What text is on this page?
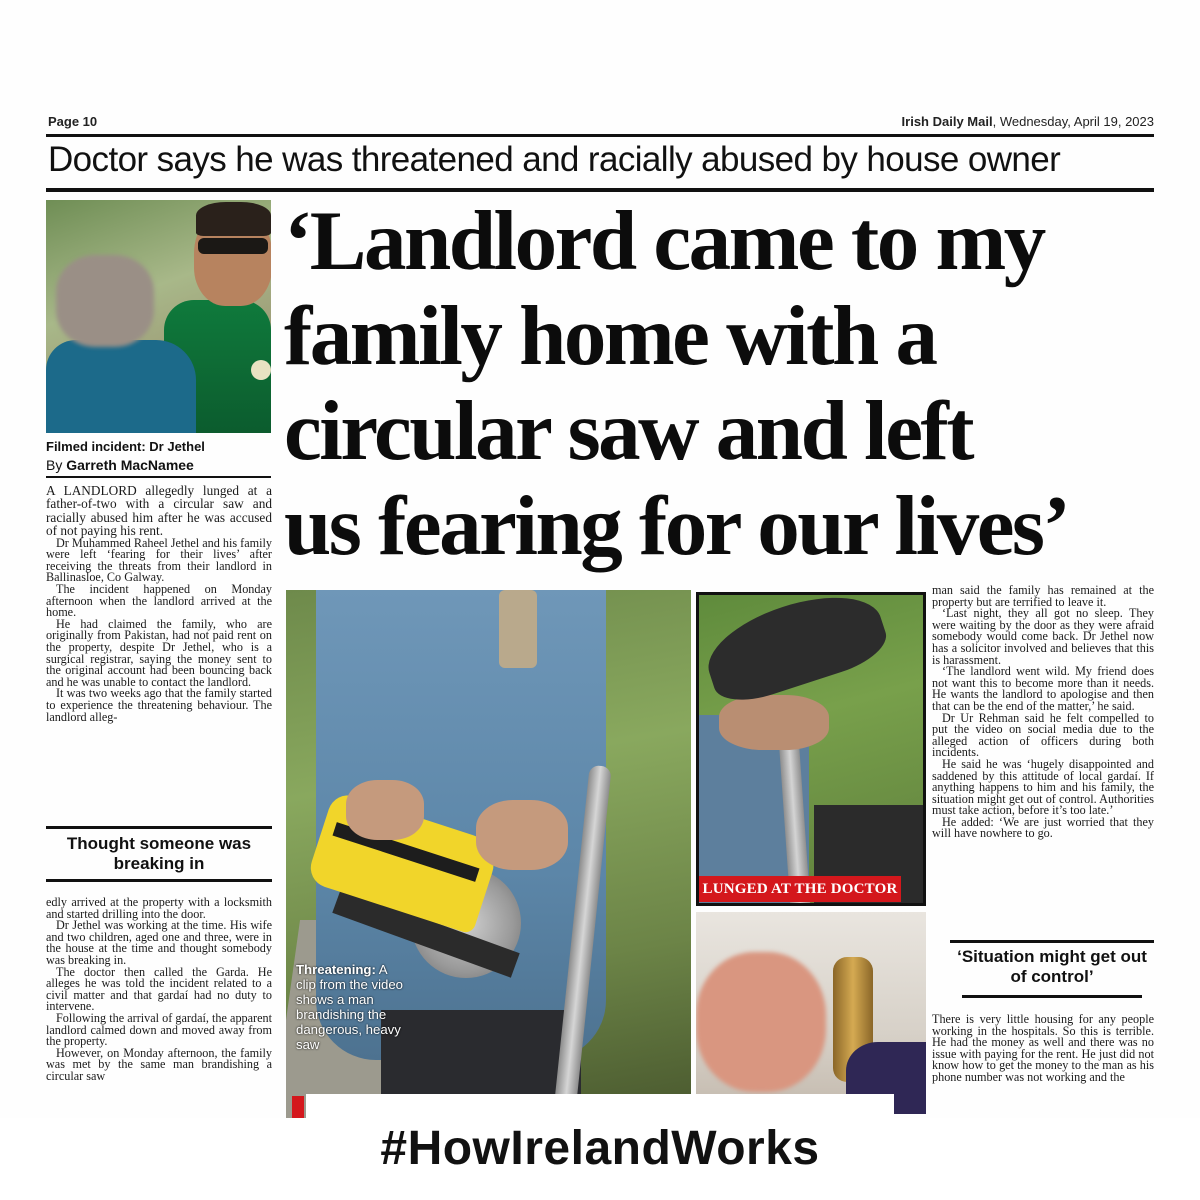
Page 10	Irish Daily Mail, Wednesday, April 19, 2023
Doctor says he was threatened and racially abused by house owner
Filmed incident: Dr Jethel
By Garreth MacNamee

A LANDLORD allegedly lunged at a father-of-two with a circular saw and racially abused him after he was accused of not paying his rent.

Dr Muhammed Raheel Jethel and his family were left ‘fearing for their lives’ after receiving the threats from their landlord in Ballinasloe, Co Galway.

The incident happened on Monday afternoon when the landlord arrived at the home.

He had claimed the family, who are originally from Pakistan, had not paid rent on the property, despite Dr Jethel, who is a surgical registrar, saying the money sent to the original account had been bouncing back and he was unable to contact the landlord.

It was two weeks ago that the family started to experience the threatening behaviour. The landlord alleg-

Thought someone was breaking in

edly arrived at the property with a locksmith and started drilling into the door.

Dr Jethel was working at the time. His wife and two children, aged one and three, were in the house at the time and thought somebody was breaking in.

The doctor then called the Garda. He alleges he was told the incident related to a civil matter and that gardaí had no duty to intervene.

Following the arrival of gardaí, the apparent landlord calmed down and moved away from the property.

However, on Monday afternoon, the family was met by the same man brandishing a circular saw

‘Landlord came to my
family home with a
circular saw and left
us fearing for our lives’
Threatening: A clip from the video shows a man brandishing the dangerous, heavy saw
LUNGED AT THE DOCTOR

man said the family has remained at the property but are terrified to leave it.

‘Last night, they all got no sleep. They were waiting by the door as they were afraid somebody would come back. Dr Jethel now has a solicitor involved and believes that this is harassment.

‘The landlord went wild. My friend does not want this to become more than it needs. He wants the landlord to apologise and then that can be the end of the matter,’ he said.

Dr Ur Rehman said he felt compelled to put the video on social media due to the alleged action of officers during both incidents.

He said he was ‘hugely disappointed and saddened by this attitude of local gardaí. If anything happens to him and his family, the situation might get out of control. Authorities must take action, before it’s too late.’

He added: ‘We are just worried that they will have nowhere to go.

‘Situation might get out of control’

There is very little housing for any people working in the hospitals. So this is terrible. He had the money as well and there was no issue with paying for the rent. He just did not know how to get the money to the man as his phone number was not working and the

#HowIrelandWorks
